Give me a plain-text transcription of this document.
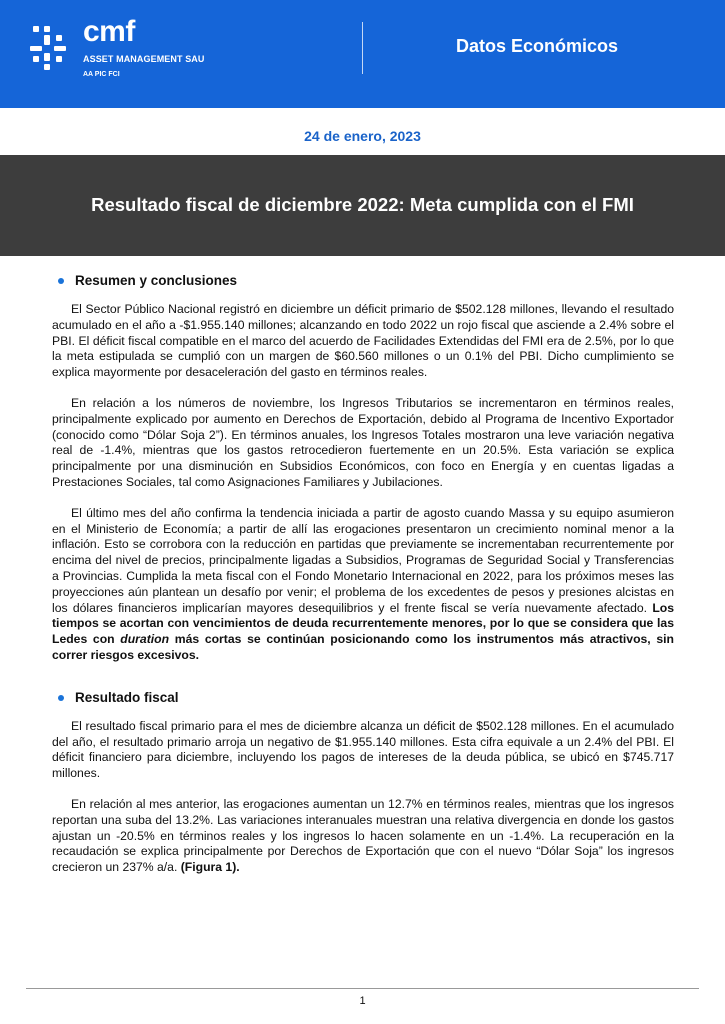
cmf
ASSET MANAGEMENT SAU
AA PIC FCI
Datos Económicos
24 de enero, 2023
Resultado fiscal de diciembre 2022: Meta cumplida con el FMI
Resumen y conclusiones

El Sector Público Nacional registró en diciembre un déficit primario de $502.128 millones, llevando el resultado acumulado en el año a -$1.955.140 millones; alcanzando en todo 2022 un rojo fiscal que asciende a 2.4% sobre el PBI. El déficit fiscal compatible en el marco del acuerdo de Facilidades Extendidas del FMI era de 2.5%, por lo que la meta estipulada se cumplió con un margen de $60.560 millones o un 0.1% del PBI. Dicho cumplimiento se explica mayormente por desaceleración del gasto en términos reales.

En relación a los números de noviembre, los Ingresos Tributarios se incrementaron en términos reales, principalmente explicado por aumento en Derechos de Exportación, debido al Programa de Incentivo Exportador (conocido como “Dólar Soja 2”). En términos anuales, los Ingresos Totales mostraron una leve variación negativa real de -1.4%, mientras que los gastos retrocedieron fuertemente en un 20.5%. Esta variación se explica principalmente por una disminución en Subsidios Económicos, con foco en Energía y en cuentas ligadas a Prestaciones Sociales, tal como Asignaciones Familiares y Jubilaciones.

El último mes del año confirma la tendencia iniciada a partir de agosto cuando Massa y su equipo asumieron en el Ministerio de Economía; a partir de allí las erogaciones presentaron un crecimiento nominal menor a la inflación. Esto se corrobora con la reducción en partidas que previamente se incrementaban recurrentemente por encima del nivel de precios, principalmente ligadas a Subsidios, Programas de Seguridad Social y Transferencias a Provincias. Cumplida la meta fiscal con el Fondo Monetario Internacional en 2022, para los próximos meses las proyecciones aún plantean un desafío por venir; el problema de los excedentes de pesos y presiones alcistas en los dólares financieros implicarían mayores desequilibrios y el frente fiscal se vería nuevamente afectado. Los tiempos se acortan con vencimientos de deuda recurrentemente menores, por lo que se considera que las Ledes con duration más cortas se continúan posicionando como los instrumentos más atractivos, sin correr riesgos excesivos.

Resultado fiscal

El resultado fiscal primario para el mes de diciembre alcanza un déficit de $502.128 millones. En el acumulado del año, el resultado primario arroja un negativo de $1.955.140 millones. Esta cifra equivale a un 2.4% del PBI. El déficit financiero para diciembre, incluyendo los pagos de intereses de la deuda pública, se ubicó en $745.717 millones.

En relación al mes anterior, las erogaciones aumentan un 12.7% en términos reales, mientras que los ingresos reportan una suba del 13.2%. Las variaciones interanuales muestran una relativa divergencia en donde los gastos ajustan un -20.5% en términos reales y los ingresos lo hacen solamente en un -1.4%. La recuperación en la recaudación se explica principalmente por Derechos de Exportación que con el nuevo “Dólar Soja” los ingresos crecieron un 237% a/a. (Figura 1).

1
